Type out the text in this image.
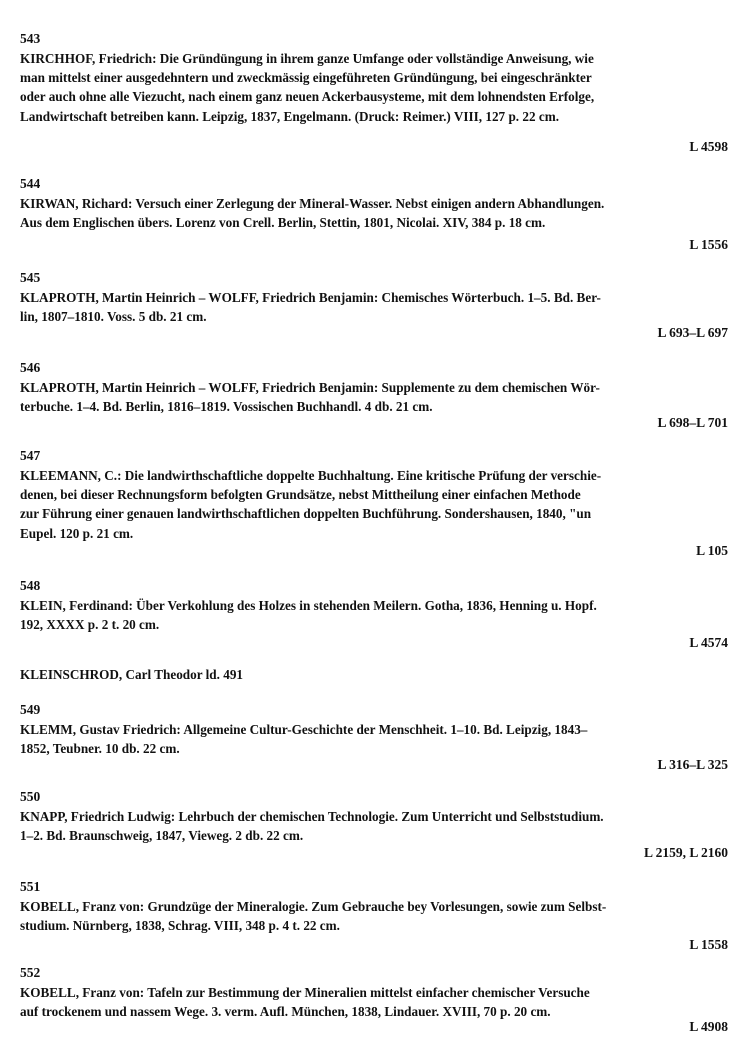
543
KIRCHHOF, Friedrich: Die Gründüngung in ihrem ganze Umfange oder vollständige Anweisung, wie
man mittelst einer ausgedehntern und zweckmässig eingeführeten Gründüngung, bei eingeschränkter
oder auch ohne alle Viezucht, nach einem ganz neuen Ackerbausysteme, mit dem lohnendsten Erfolge,
Landwirtschaft betreiben kann. Leipzig, 1837, Engelmann. (Druck: Reimer.) VIII, 127 p. 22 cm.
L 4598
544
KIRWAN, Richard: Versuch einer Zerlegung der Mineral-Wasser. Nebst einigen andern Abhandlungen.
Aus dem Englischen übers. Lorenz von Crell. Berlin, Stettin, 1801, Nicolai. XIV, 384 p. 18 cm.
L 1556
545
KLAPROTH, Martin Heinrich – WOLFF, Friedrich Benjamin: Chemisches Wörterbuch. 1–5. Bd. Ber-
lin, 1807–1810. Voss. 5 db. 21 cm.
L 693–L 697
546
KLAPROTH, Martin Heinrich – WOLFF, Friedrich Benjamin: Supplemente zu dem chemischen Wör-
terbuche. 1–4. Bd. Berlin, 1816–1819. Vossischen Buchhandl. 4 db. 21 cm.
L 698–L 701
547
KLEEMANN, C.: Die landwirthschaftliche doppelte Buchhaltung. Eine kritische Prüfung der verschie-
denen, bei dieser Rechnungsform befolgten Grundsätze, nebst Mittheilung einer einfachen Methode
zur Führung einer genauen landwirthschaftlichen doppelten Buchführung. Sondershausen, 1840, "un
Eupel. 120 p. 21 cm.
L 105
548
KLEIN, Ferdinand: Über Verkohlung des Holzes in stehenden Meilern. Gotha, 1836, Henning u. Hopf.
192, XXXX p. 2 t. 20 cm.
L 4574
KLEINSCHROD, Carl Theodor ld. 491
549
KLEMM, Gustav Friedrich: Allgemeine Cultur-Geschichte der Menschheit. 1–10. Bd. Leipzig, 1843–
1852, Teubner. 10 db. 22 cm.
L 316–L 325
550
KNAPP, Friedrich Ludwig: Lehrbuch der chemischen Technologie. Zum Unterricht und Selbststudium.
1–2. Bd. Braunschweig, 1847, Vieweg. 2 db. 22 cm.
L 2159, L 2160
551
KOBELL, Franz von: Grundzüge der Mineralogie. Zum Gebrauche bey Vorlesungen, sowie zum Selbst-
studium. Nürnberg, 1838, Schrag. VIII, 348 p. 4 t. 22 cm.
L 1558
552
KOBELL, Franz von: Tafeln zur Bestimmung der Mineralien mittelst einfacher chemischer Versuche
auf trockenem und nassem Wege. 3. verm. Aufl. München, 1838, Lindauer. XVIII, 70 p. 20 cm.
L 4908
